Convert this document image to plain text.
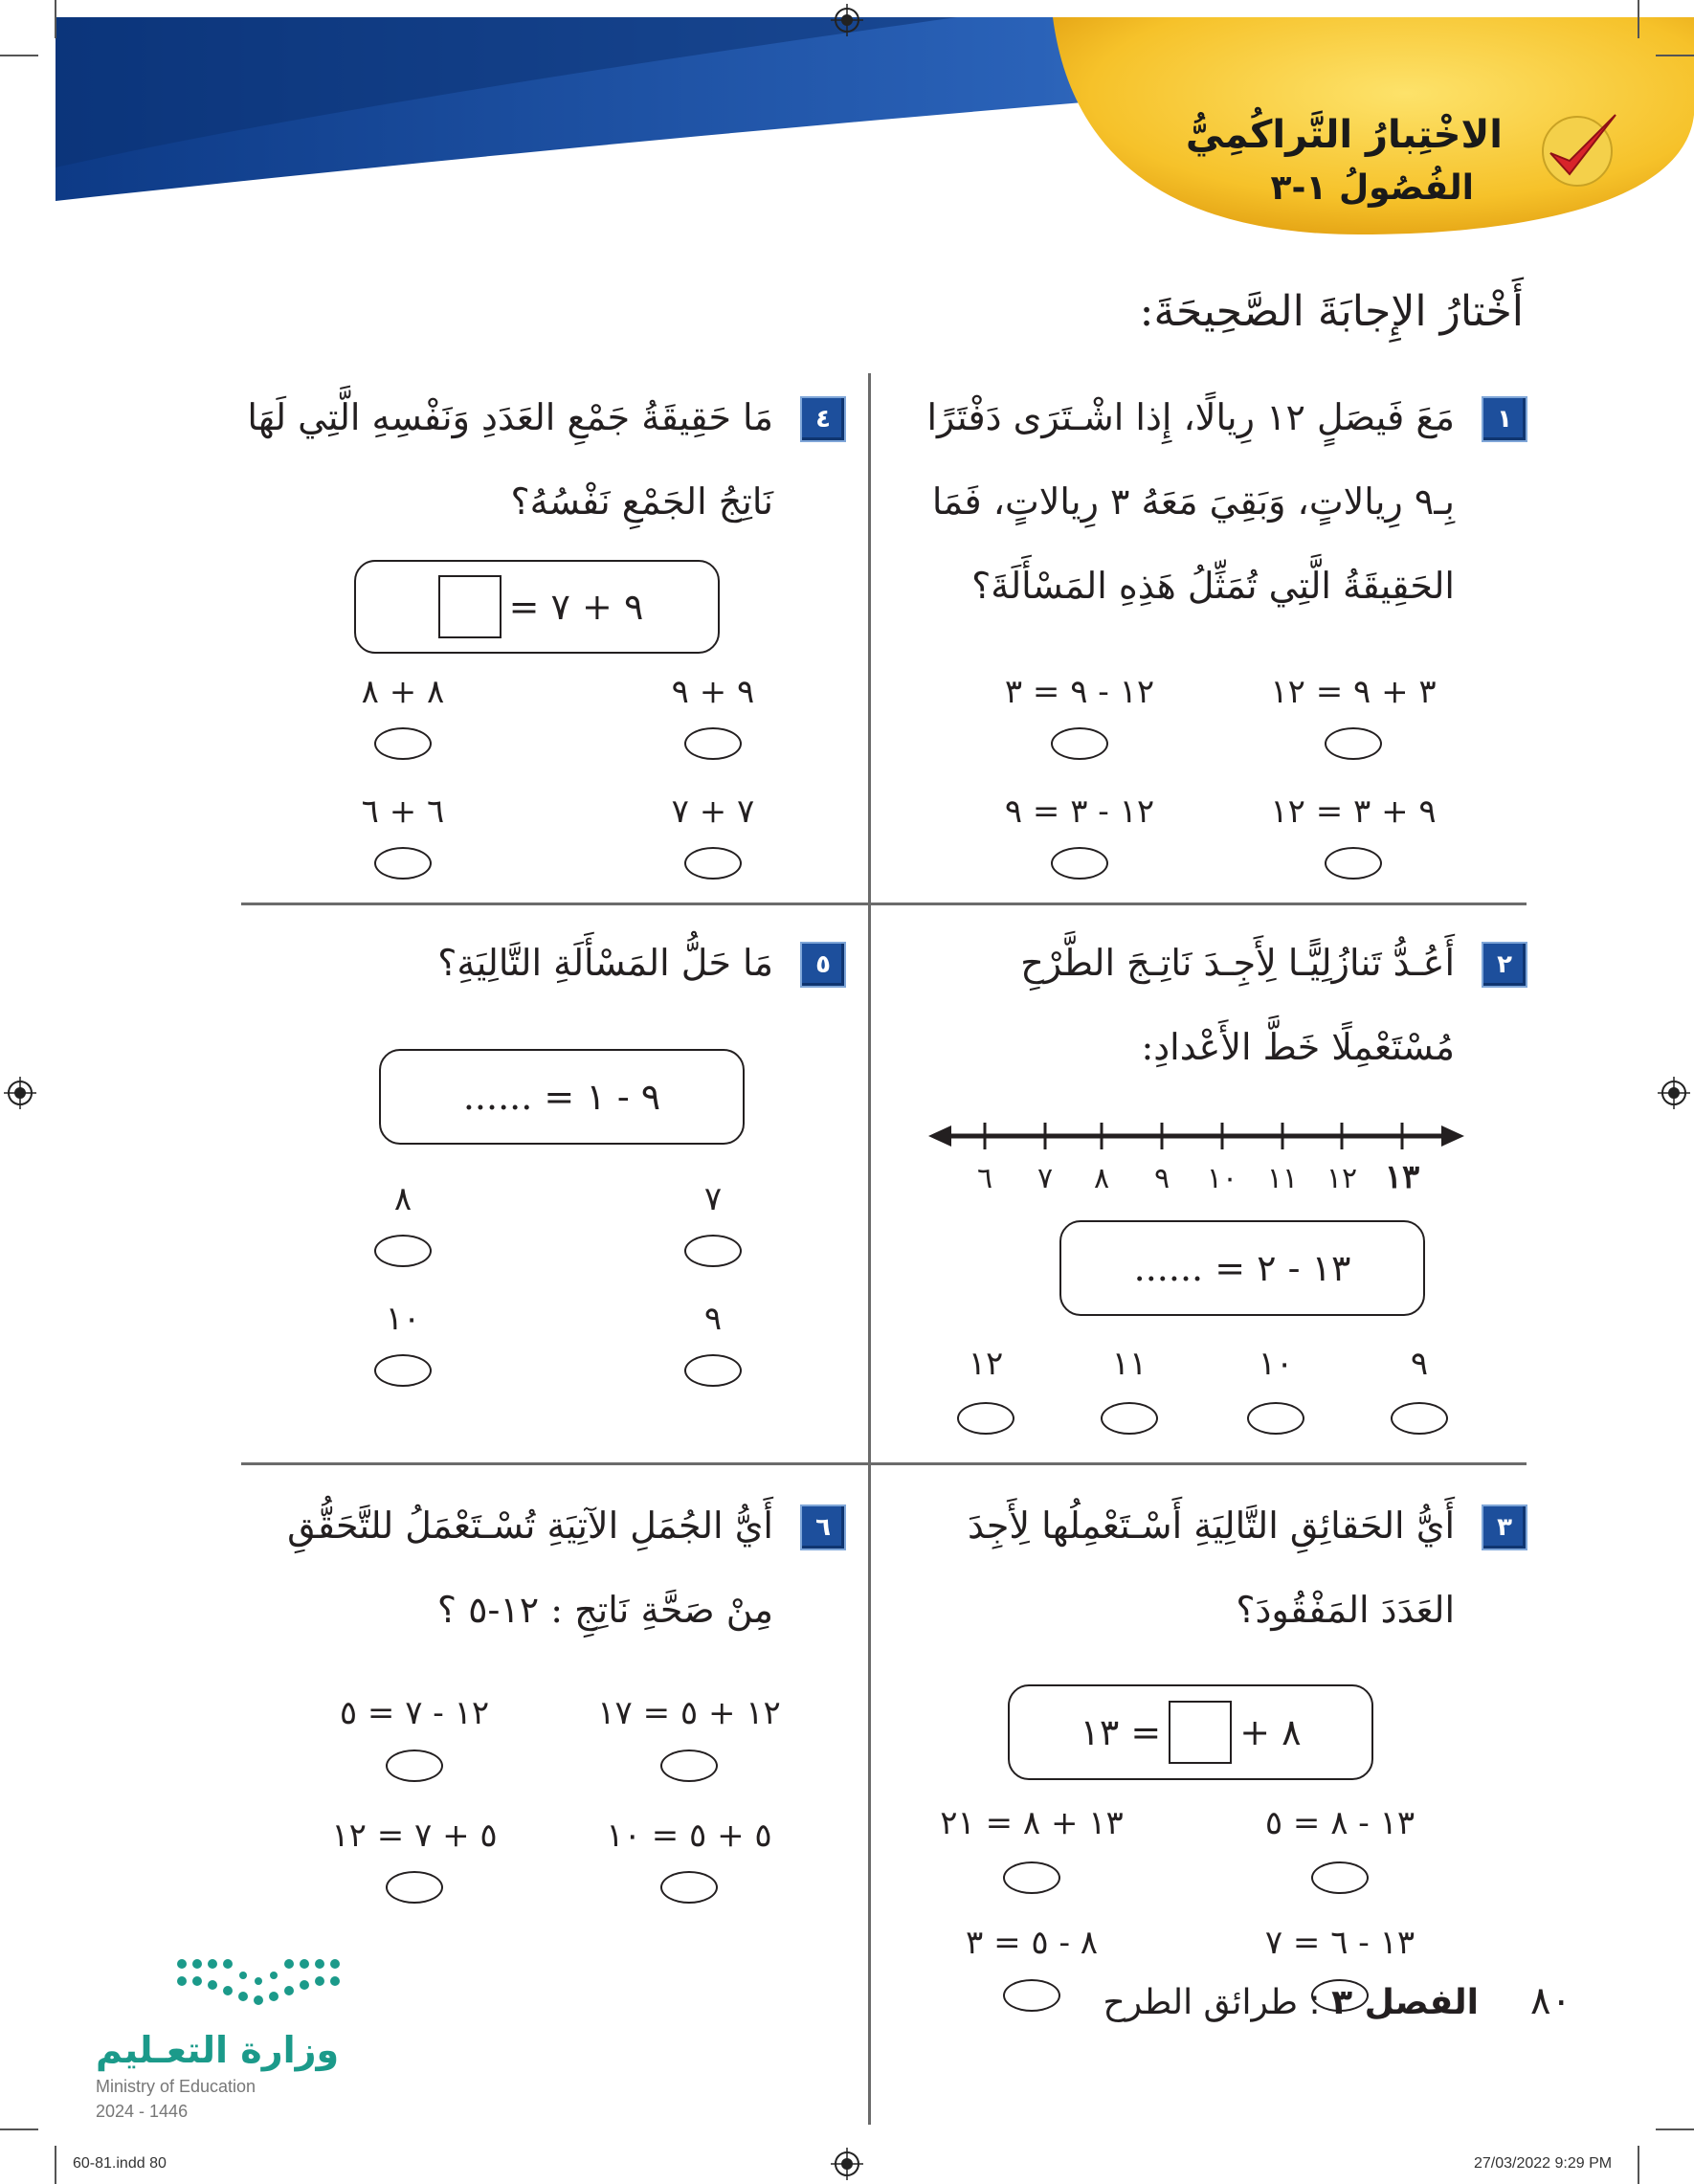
الاخْتِبارُ التَّراكُمِيُّ
الفُصُولُ ١-٣
أَخْتارُ الإِجابَةَ الصَّحِيحَةَ:
١
مَعَ فَيصَلٍ ١٢ رِيالًا، إِذا اشْـتَرَى دَفْتَرًا
بِـ٩ رِيالاتٍ، وَبَقِيَ مَعَهُ ٣ رِيالاتٍ، فَمَا
الحَقِيقَةُ الَّتِي تُمَثِّلُ هَذِهِ المَسْأَلَةَ؟
٣ + ٩ = ١٢
١٢ - ٩ = ٣
٩ + ٣ = ١٢
١٢ - ٣ = ٩
٤
مَا حَقِيقَةُ جَمْعِ العَدَدِ وَنَفْسِهِ الَّتِي لَهَا
نَاتِجُ الجَمْعِ نَفْسُهُ؟
٩ + ٧ =
٩ + ٩
٨ + ٨
٧ + ٧
٦ + ٦
٢
أَعُـدُّ تَنازُلِيًّـا لِأَجِـدَ نَاتِـجَ الطَّرْحِ
مُسْتَعْمِلًا خَطَّ الأَعْدادِ:
١٣
١٢
١١
١٠
٩
٨
٧
٦
١٣ - ٢ = ......
٩
١٠
١١
١٢
٥
مَا حَلُّ المَسْأَلَةِ التَّالِيَةِ؟
٩ - ١ = ......
٧
٨
٩
١٠
٣
أَيُّ الحَقائِقِ التَّالِيَةِ أَسْـتَعْمِلُها لِأَجِدَ
العَدَدَ المَفْقُودَ؟
٨ +
= ١٣
١٣ - ٨ = ٥
١٣ + ٨ = ٢١
١٣ - ٦ = ٧
٨ - ٥ = ٣
٦
أَيُّ الجُمَلِ الآتِيَةِ تُسْـتَعْمَلُ للتَّحَقُّقِ
مِنْ صَحَّةِ نَاتِجِ : ١٢-٥ ؟
١٢ + ٥ = ١٧
١٢ - ٧ = ٥
٥ + ٥ = ١٠
٥ + ٧ = ١٢
وزارة التعـليم
Ministry of Education
2024 - 1446
٨٠
الفصل ٣ : طرائق الطرح
60-81.indd 80	27/03/2022 9:29 PM
